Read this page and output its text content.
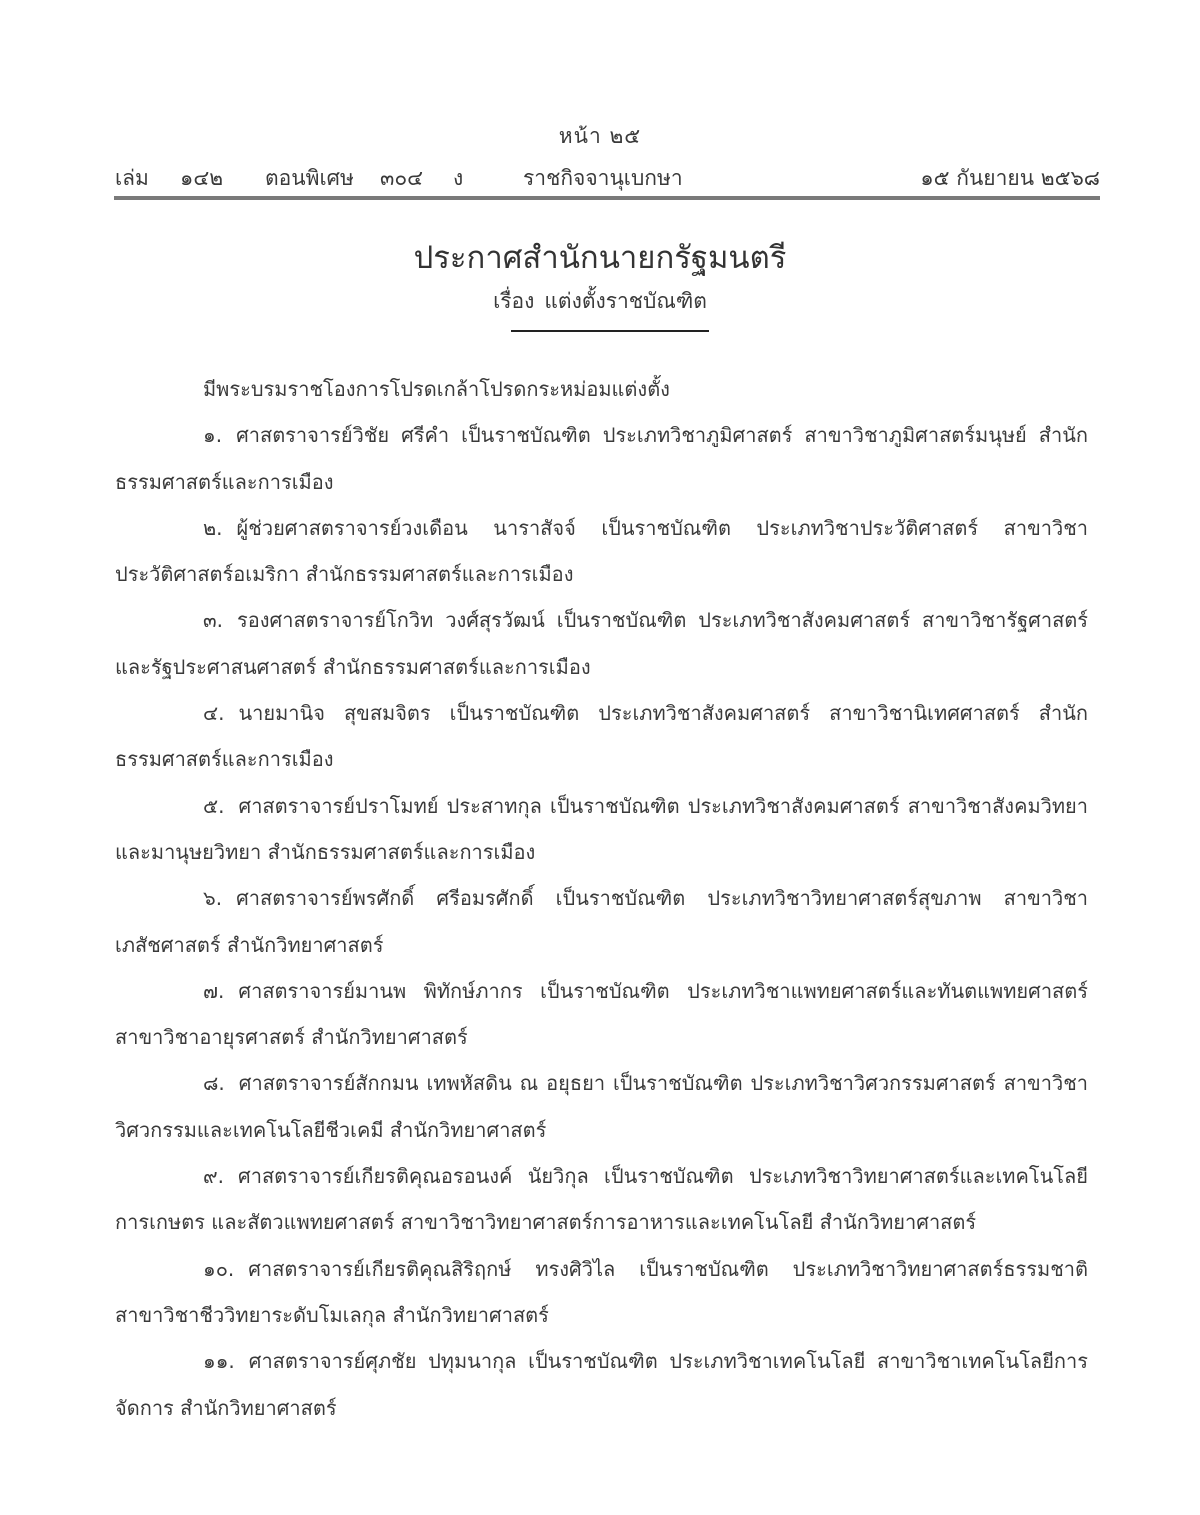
หน้า ๒๕
เล่ม ๑๔๒ ตอนพิเศษ ๓๐๔ ง	ราชกิจจานุเบกษา	๑๕ กันยายน ๒๕๖๘
ประกาศสำนักนายกรัฐมนตรี
เรื่อง แต่งตั้งราชบัณฑิต

มีพระบรมราชโองการโปรดเกล้าโปรดกระหม่อมแต่งตั้ง

๑. ศาสตราจารย์วิชัย ศรีคำ เป็นราชบัณฑิต ประเภทวิชาภูมิศาสตร์ สาขาวิชาภูมิศาสตร์มนุษย์ สำนักธรรมศาสตร์และการเมือง

๒. ผู้ช่วยศาสตราจารย์วงเดือน นาราสัจจ์ เป็นราชบัณฑิต ประเภทวิชาประวัติศาสตร์ สาขาวิชาประวัติศาสตร์อเมริกา สำนักธรรมศาสตร์และการเมือง

๓. รองศาสตราจารย์โกวิท วงศ์สุรวัฒน์ เป็นราชบัณฑิต ประเภทวิชาสังคมศาสตร์ สาขาวิชารัฐศาสตร์และรัฐประศาสนศาสตร์ สำนักธรรมศาสตร์และการเมือง

๔. นายมานิจ สุขสมจิตร เป็นราชบัณฑิต ประเภทวิชาสังคมศาสตร์ สาขาวิชานิเทศศาสตร์ สำนักธรรมศาสตร์และการเมือง

๕. ศาสตราจารย์ปราโมทย์ ประสาทกุล เป็นราชบัณฑิต ประเภทวิชาสังคมศาสตร์ สาขาวิชาสังคมวิทยาและมานุษยวิทยา สำนักธรรมศาสตร์และการเมือง

๖. ศาสตราจารย์พรศักดิ์ ศรีอมรศักดิ์ เป็นราชบัณฑิต ประเภทวิชาวิทยาศาสตร์สุขภาพ สาขาวิชาเภสัชศาสตร์ สำนักวิทยาศาสตร์

๗. ศาสตราจารย์มานพ พิทักษ์ภากร เป็นราชบัณฑิต ประเภทวิชาแพทยศาสตร์และทันตแพทยศาสตร์ สาขาวิชาอายุรศาสตร์ สำนักวิทยาศาสตร์

๘. ศาสตราจารย์สักกมน เทพหัสดิน ณ อยุธยา เป็นราชบัณฑิต ประเภทวิชาวิศวกรรมศาสตร์ สาขาวิชาวิศวกรรมและเทคโนโลยีชีวเคมี สำนักวิทยาศาสตร์

๙. ศาสตราจารย์เกียรติคุณอรอนงค์ นัยวิกุล เป็นราชบัณฑิต ประเภทวิชาวิทยาศาสตร์และเทคโนโลยีการเกษตร และสัตวแพทยศาสตร์ สาขาวิชาวิทยาศาสตร์การอาหารและเทคโนโลยี สำนักวิทยาศาสตร์

๑๐. ศาสตราจารย์เกียรติคุณสิริฤกษ์ ทรงศิวิไล เป็นราชบัณฑิต ประเภทวิชาวิทยาศาสตร์ธรรมชาติ สาขาวิชาชีววิทยาระดับโมเลกุล สำนักวิทยาศาสตร์

๑๑. ศาสตราจารย์ศุภชัย ปทุมนากุล เป็นราชบัณฑิต ประเภทวิชาเทคโนโลยี สาขาวิชาเทคโนโลยีการจัดการ สำนักวิทยาศาสตร์
